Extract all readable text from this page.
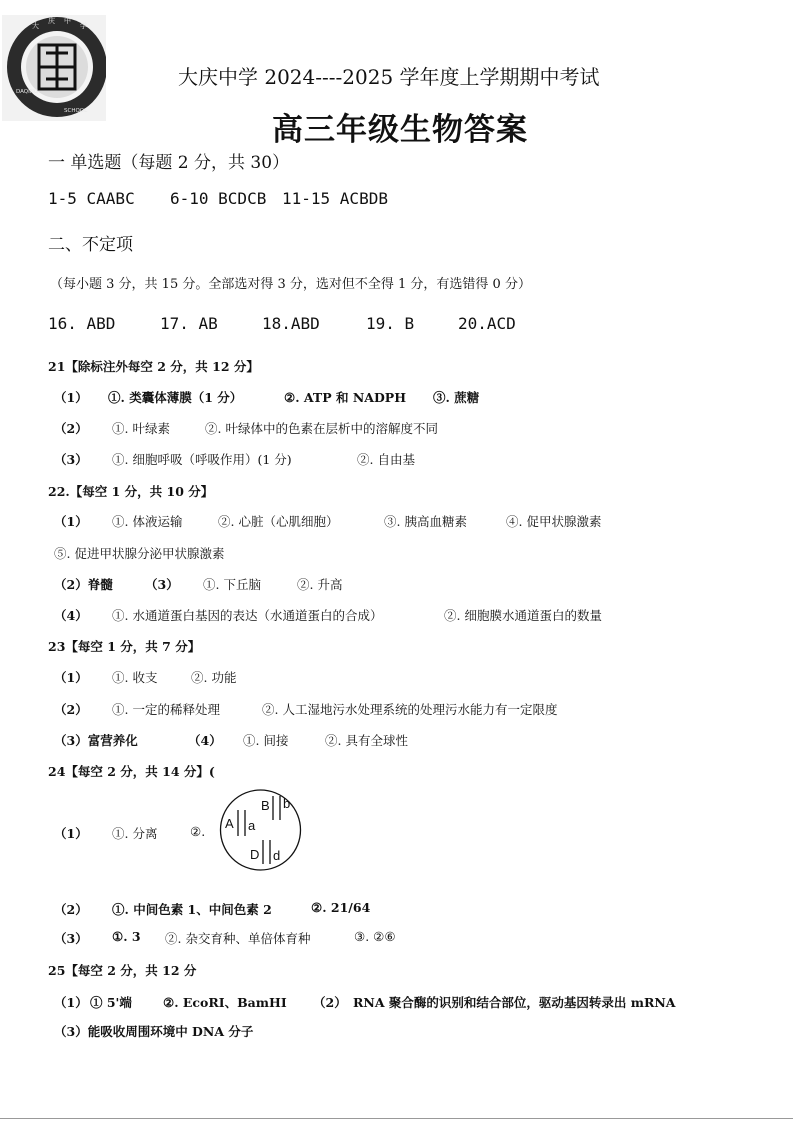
大
庆 中
学
DAQING
SCHOOL
大庆中学 2024----2025 学年度上学期期中考试
高三年级生物答案
一 单选题（每题 2 分，共 30）
1-5 CAABC 6-10 BCDCB 11-15 ACBDB
二、不定项
（每小题 3 分，共 15 分。全部选对得 3 分，选对但不全得 1 分，有选错得 0 分）
16. ABD	17. AB	18.ABD	19. B	20.ACD
21【除标注外每空 2 分，共 12 分】
（1） ①. 类囊体薄膜（1 分）	②. ATP 和 NADPH ③. 蔗糖
（2） ①. 叶绿素	②. 叶绿体中的色素在层析中的溶解度不同
（3） ①. 细胞呼吸（呼吸作用）(1 分)	②. 自由基
22.【每空 1 分，共 10 分】
（1） ①. 体液运输	②. 心脏（心肌细胞）	③. 胰高血糖素	④. 促甲状腺激素
⑤. 促进甲状腺分泌甲状腺激素
（2）脊髓	（3） ①. 下丘脑	②. 升高
（4） ①. 水通道蛋白基因的表达（水通道蛋白的合成）	②. 细胞膜水通道蛋白的数量
23【每空 1 分，共 7 分】
（1） ①. 收支	②. 功能
（2） ①. 一定的稀释处理	②. 人工湿地污水处理系统的处理污水能力有一定限度
（3）富营养化	（4） ①. 间接	②. 具有全球性
24【每空 2 分，共 14 分】(
（1） ①. 分离	②.
A a
B b
D d
（2） ①. 中间色素 1、中间色素 2	②. 21/64
（3） ①. 3 ②. 杂交育种、单倍体育种	③. ②⑥
25【每空 2 分，共 12 分
（1） ① 5'端 ②. EcoRI、BamHI （2） RNA 聚合酶的识别和结合部位，驱动基因转录出 mRNA
（3）能吸收周围环境中 DNA 分子
